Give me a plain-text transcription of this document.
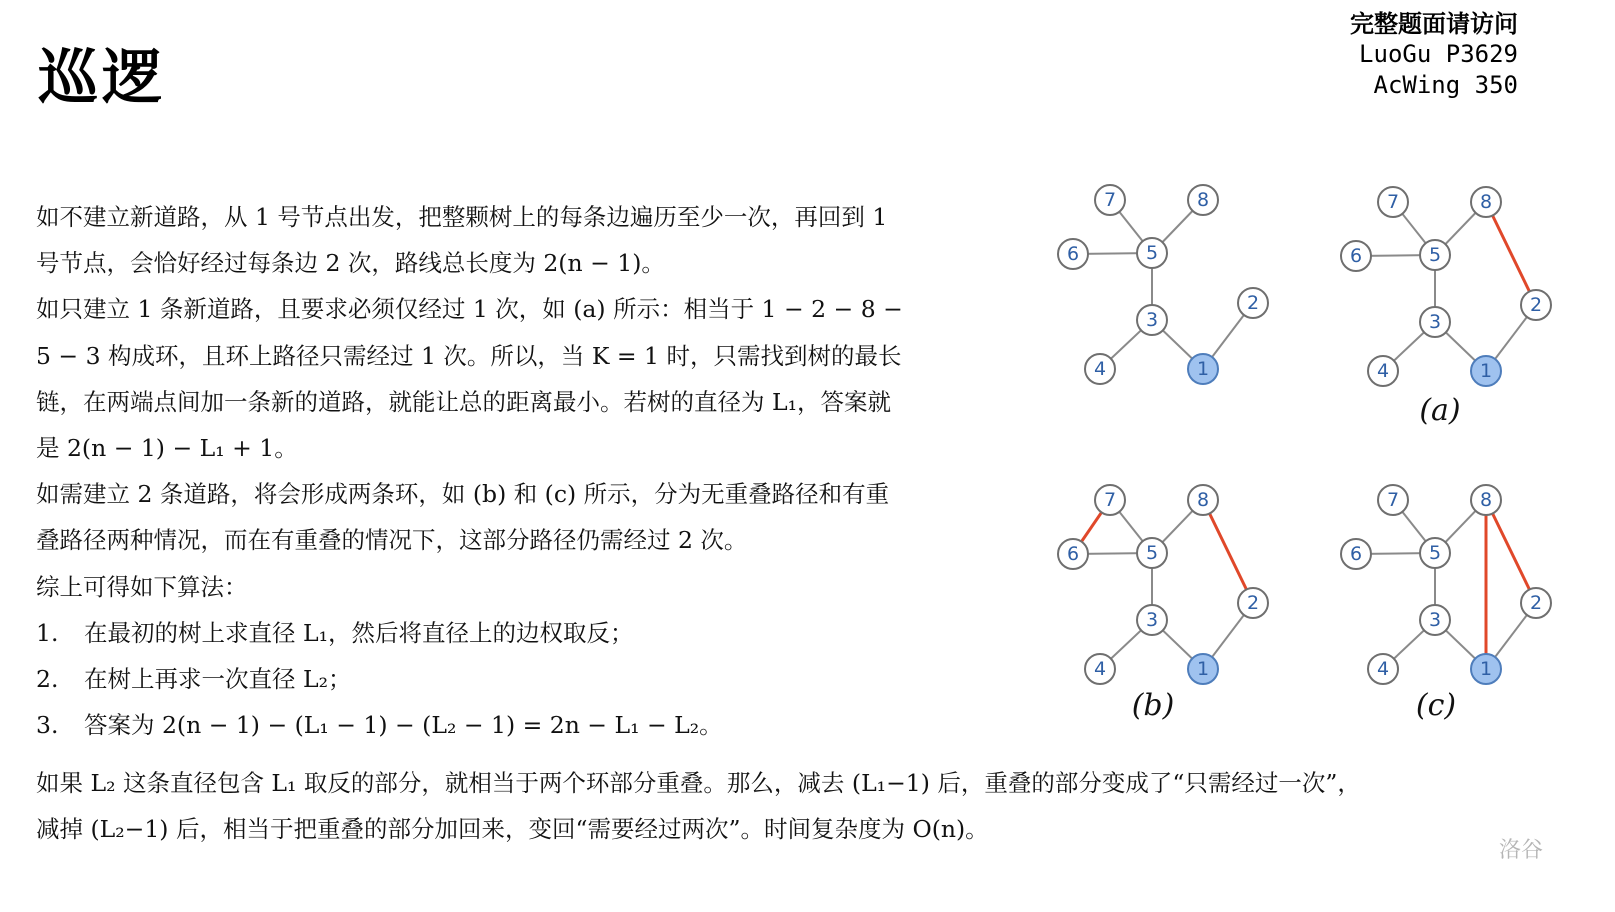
巡逻
完整题面请访问
LuoGu P3629
AcWing 350

如不建立新道路，从 1 号节点出发，把整颗树上的每条边遍历至少一次，再回到 1

号节点，会恰好经过每条边 2 次，路线总长度为 2(n − 1)。

如只建立 1 条新道路，且要求必须仅经过 1 次，如 (a) 所示：相当于 1 − 2 − 8 −

5 − 3 构成环，且环上路径只需经过 1 次。所以，当 K = 1 时，只需找到树的最长

链，在两端点间加一条新的道路，就能让总的距离最小。若树的直径为 L₁，答案就

是 2(n − 1) − L₁ + 1。

如需建立 2 条道路，将会形成两条环，如 (b) 和 (c) 所示，分为无重叠路径和有重

叠路径两种情况，而在有重叠的情况下，这部分路径仍需经过 2 次。

综上可得如下算法：

1. 在最初的树上求直径 L₁，然后将直径上的边权取反；

2. 在树上再求一次直径 L₂；

3. 答案为 2(n − 1) − (L₁ − 1) − (L₂ − 1) = 2n − L₁ − L₂。

如果 L₂ 这条直径包含 L₁ 取反的部分，就相当于两个环部分重叠。那么，减去 (L₁−1) 后，重叠的部分变成了“只需经过一次”，

减掉 (L₂−1) 后，相当于把重叠的部分加回来，变回“需要经过两次”。时间复杂度为 O(n)。

1
2
3
4
5
6
7	8
1
2
3
4
5
6
7	8
(a)
1
2
3
4
5
6
7	8
(b)
1
2
3
4
5
6
7	8
(c)
洛谷
